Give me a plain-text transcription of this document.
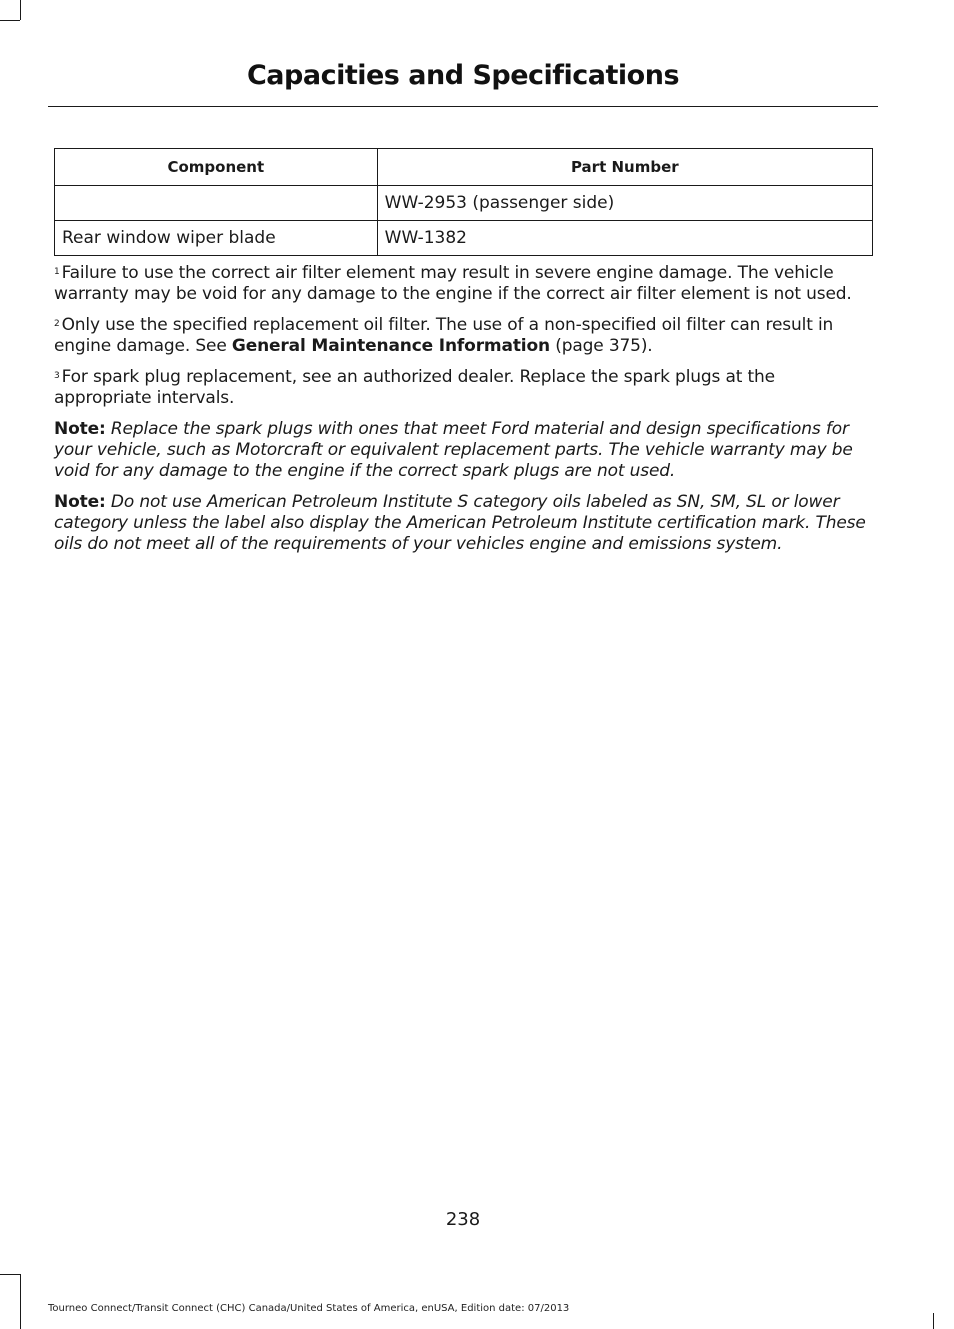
Capacities and Specifications
Component	Part Number
	WW-2953 (passenger side)
Rear window wiper blade	WW-1382

$^1$ Failure to use the correct air filter element may result in severe engine damage. The vehicle warranty may be void for any damage to the engine if the correct air filter element is not used.

$^2$ Only use the specified replacement oil filter. The use of a non-specified oil filter can result in engine damage. See General Maintenance Information (page 375).

$^3$ For spark plug replacement, see an authorized dealer. Replace the spark plugs at the appropriate intervals.

Note: Replace the spark plugs with ones that meet Ford material and design specifications for your vehicle, such as Motorcraft or equivalent replacement parts. The vehicle warranty may be void for any damage to the engine if the correct spark plugs are not used.

Note: Do not use American Petroleum Institute S category oils labeled as SN, SM, SL or lower category unless the label also display the American Petroleum Institute certification mark. These oils do not meet all of the requirements of your vehicles engine and emissions system.

238
Tourneo Connect/Transit Connect (CHC) Canada/United States of America, enUSA, Edition date: 07/2013
